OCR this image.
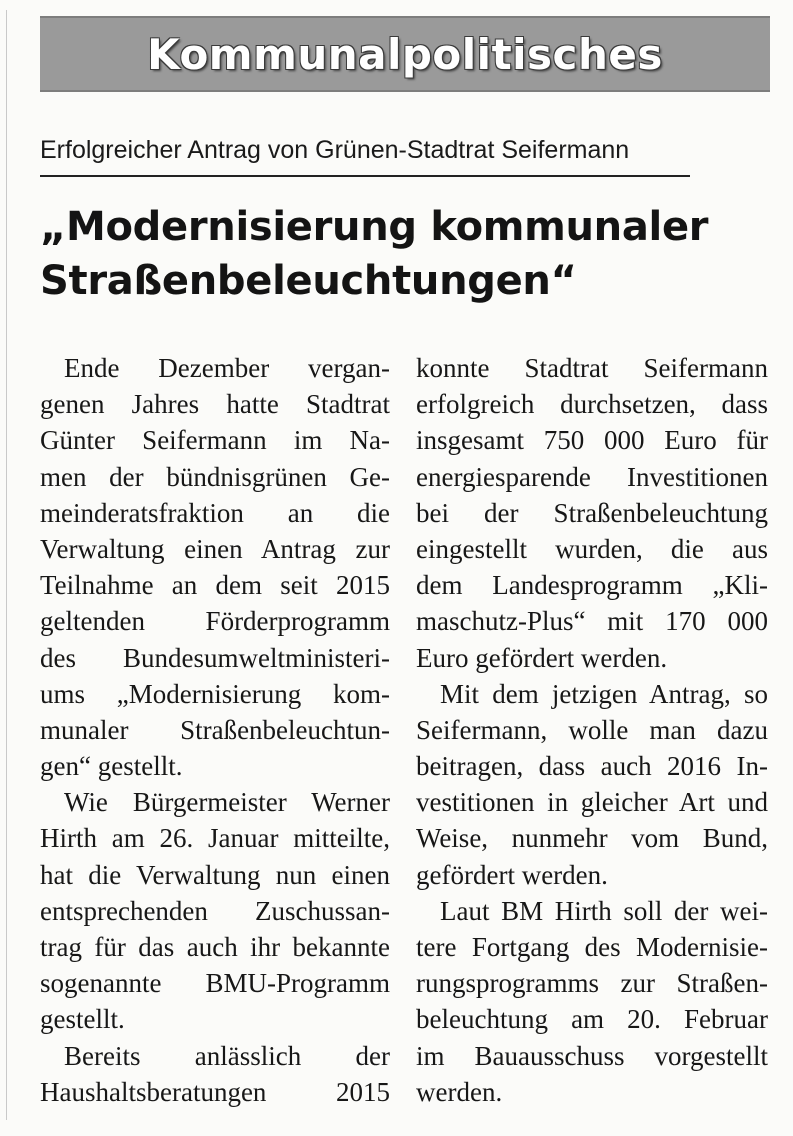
Kommunalpolitisches
Erfolgreicher Antrag von Grünen-Stadtrat Seifermann
„Modernisierung kommunaler
Straßenbeleuchtungen“
Ende Dezember vergan-
genen Jahres hatte Stadtrat
Günter Seifermann im Na-
men der bündnisgrünen Ge-
meinderatsfraktion an die
Verwaltung einen Antrag zur
Teilnahme an dem seit 2015
geltenden Förderprogramm
des Bundesumweltministeri-
ums „Modernisierung kom-
munaler Straßenbeleuchtun-
gen“ gestellt.
Wie Bürgermeister Werner
Hirth am 26. Januar mitteilte,
hat die Verwaltung nun einen
entsprechenden Zuschussan-
trag für das auch ihr bekannte
sogenannte BMU-Programm
gestellt.
Bereits anlässlich der
Haushaltsberatungen 2015
konnte Stadtrat Seifermann
erfolgreich durchsetzen, dass
insgesamt 750 000 Euro für
energiesparende Investitionen
bei der Straßenbeleuchtung
eingestellt wurden, die aus
dem Landesprogramm „Kli-
maschutz-Plus“ mit 170 000
Euro gefördert werden.
Mit dem jetzigen Antrag, so
Seifermann, wolle man dazu
beitragen, dass auch 2016 In-
vestitionen in gleicher Art und
Weise, nunmehr vom Bund,
gefördert werden.
Laut BM Hirth soll der wei-
tere Fortgang des Modernisie-
rungsprogramms zur Straßen-
beleuchtung am 20. Februar
im Bauausschuss vorgestellt
werden.
